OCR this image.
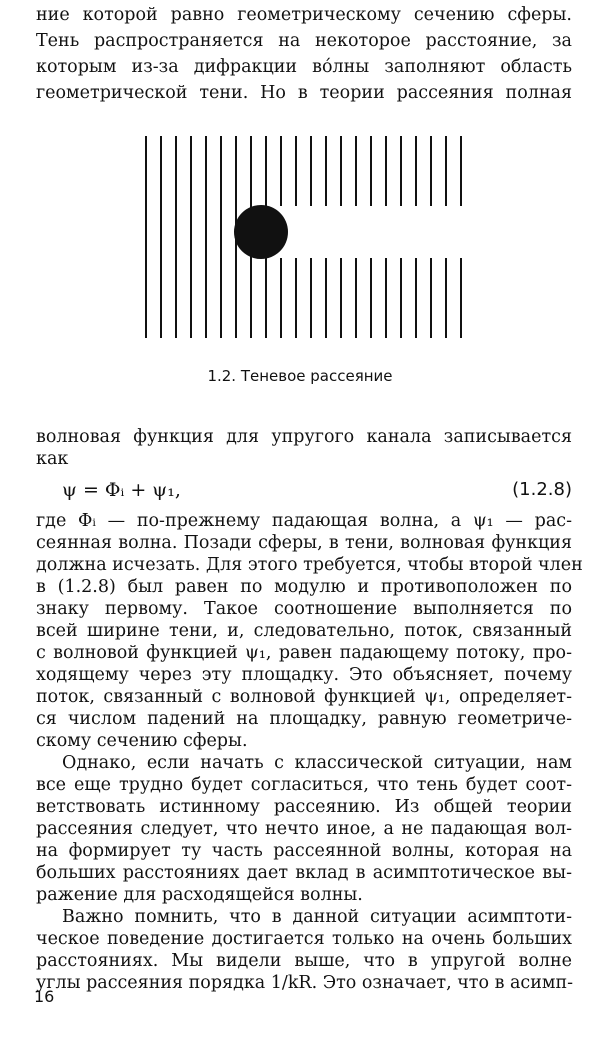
ние которой равно геометрическому сечению сферы.
Тень распространяется на некоторое расстояние, за
которым из-за дифракции вóлны заполняют область
геометрической тени. Но в теории рассеяния полная
1.2. Теневое рассеяние
волновая функция для упругого канала записывается
как
ψ = Φᵢ + ψ₁,	(1.2.8)
где Φᵢ — по-прежнему падающая волна, а ψ₁ — рас-
сеянная волна. Позади сферы, в тени, волновая функция
должна исчезать. Для этого требуется, чтобы второй член
в (1.2.8) был равен по модулю и противоположен по
знаку первому. Такое соотношение выполняется по
всей ширине тени, и, следовательно, поток, связанный
с волновой функцией ψ₁, равен падающему потоку, про-
ходящему через эту площадку. Это объясняет, почему
поток, связанный с волновой функцией ψ₁, определяет-
ся числом падений на площадку, равную геометриче-
скому сечению сферы.
Однако, если начать с классической ситуации, нам
все еще трудно будет согласиться, что тень будет соот-
ветствовать истинному рассеянию. Из общей теории
рассеяния следует, что нечто иное, а не падающая вол-
на формирует ту часть рассеянной волны, которая на
больших расстояниях дает вклад в асимптотическое вы-
ражение для расходящейся волны.
Важно помнить, что в данной ситуации асимптоти-
ческое поведение достигается только на очень больших
расстояниях. Мы видели выше, что в упругой волне
углы рассеяния порядка 1/kR. Это означает, что в асимп-
16
